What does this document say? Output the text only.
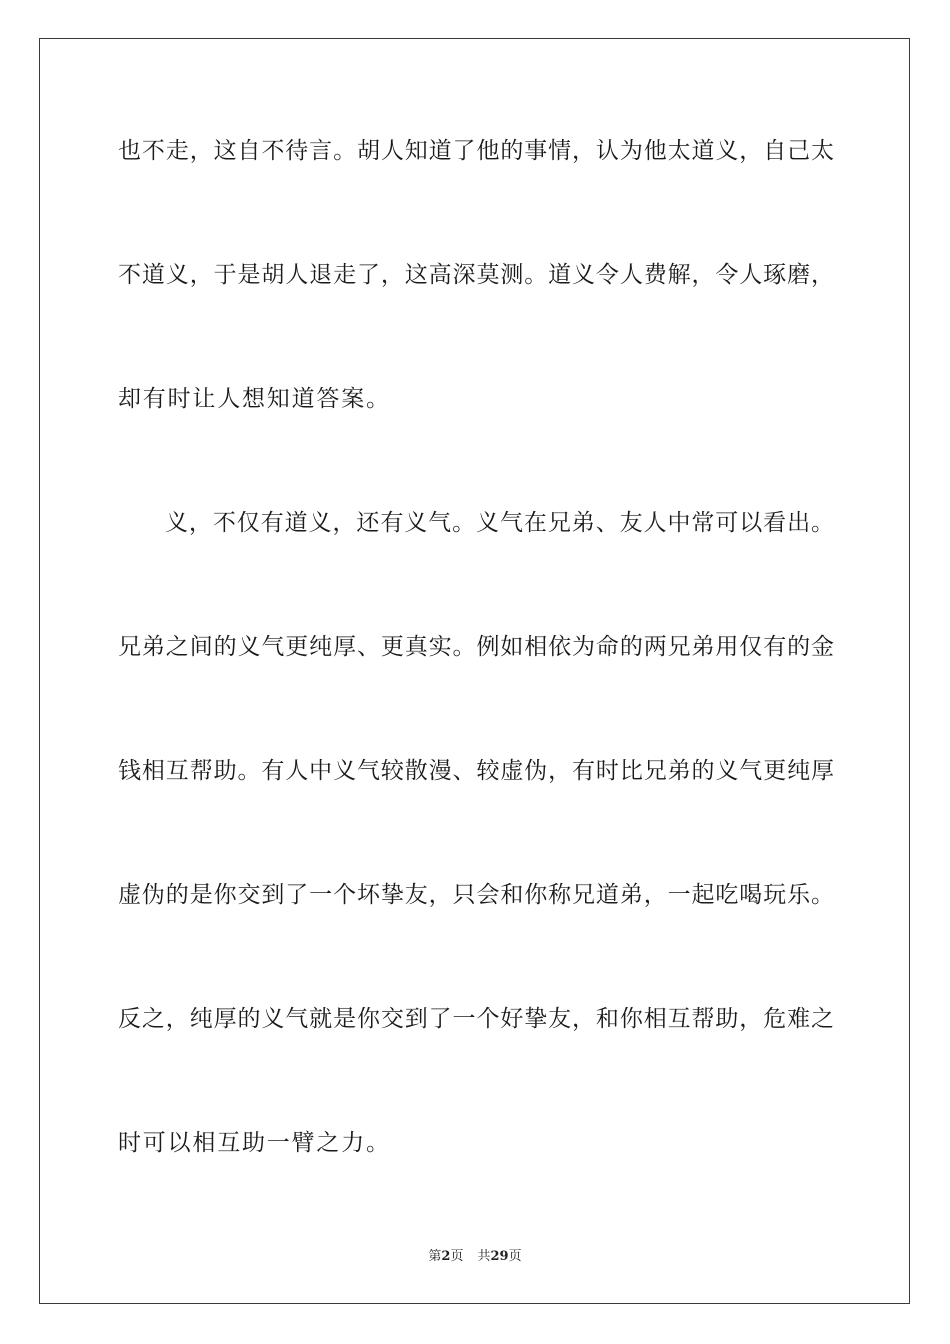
也不走，这自不待言。胡人知道了他的事情，认为他太道义，自己太
不道义，于是胡人退走了，这高深莫测。道义令人费解，令人琢磨，
却有时让人想知道答案。
义，不仅有道义，还有义气。义气在兄弟、友人中常可以看出。
兄弟之间的义气更纯厚、更真实。例如相依为命的两兄弟用仅有的金
钱相互帮助。有人中义气较散漫、较虚伪，有时比兄弟的义气更纯厚
虚伪的是你交到了一个坏挚友，只会和你称兄道弟，一起吃喝玩乐。
反之，纯厚的义气就是你交到了一个好挚友，和你相互帮助，危难之
时可以相互助一臂之力。
第2页 共29页
